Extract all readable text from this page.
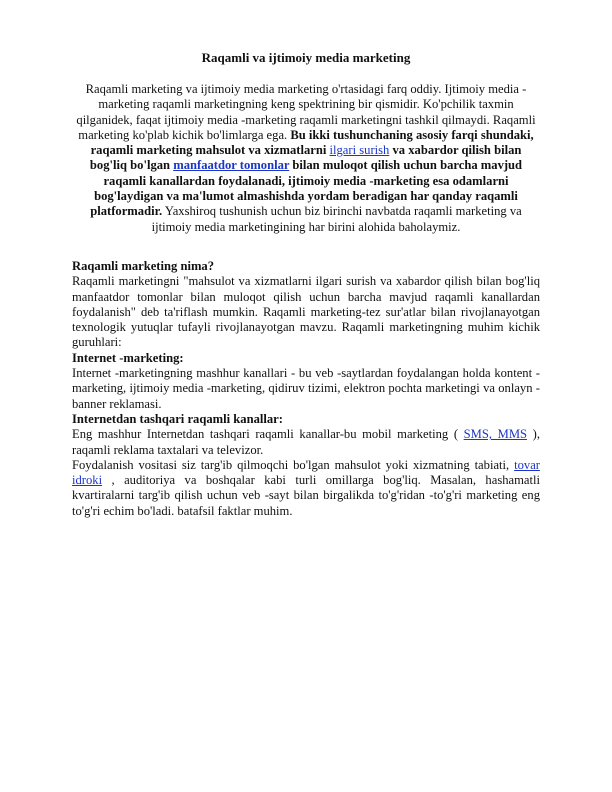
Raqamli va ijtimoiy media marketing
Raqamli marketing va ijtimoiy media marketing o'rtasidagi farq oddiy. Ijtimoiy media -marketing raqamli marketingning keng spektrining bir qismidir. Ko'pchilik taxmin qilganidek, faqat ijtimoiy media -marketing raqamli marketingni tashkil qilmaydi. Raqamli marketing ko'plab kichik bo'limlarga ega. Bu ikki tushunchaning asosiy farqi shundaki, raqamli marketing mahsulot va xizmatlarni ilgari surish va xabardor qilish bilan bog'liq bo'lgan manfaatdor tomonlar bilan muloqot qilish uchun barcha mavjud raqamli kanallardan foydalanadi, ijtimoiy media -marketing esa odamlarni bog'laydigan va ma'lumot almashishda yordam beradigan har qanday raqamli platformadir. Yaxshiroq tushunish uchun biz birinchi navbatda raqamli marketing va ijtimoiy media marketingining har birini alohida baholaymiz.
Raqamli marketing nima?

Raqamli marketingni "mahsulot va xizmatlarni ilgari surish va xabardor qilish bilan bog'liq manfaatdor tomonlar bilan muloqot qilish uchun barcha mavjud raqamli kanallardan foydalanish" deb ta'riflash mumkin. Raqamli marketing-tez sur'atlar bilan rivojlanayotgan texnologik yutuqlar tufayli rivojlanayotgan mavzu. Raqamli marketingning muhim kichik guruhlari:

Internet -marketing:

Internet -marketingning mashhur kanallari - bu veb -saytlardan foydalangan holda kontent -marketing, ijtimoiy media -marketing, qidiruv tizimi, elektron pochta marketingi va onlayn -banner reklamasi.

Internetdan tashqari raqamli kanallar:

Eng mashhur Internetdan tashqari raqamli kanallar-bu mobil marketing ( SMS, MMS ), raqamli reklama taxtalari va televizor.

Foydalanish vositasi siz targ'ib qilmoqchi bo'lgan mahsulot yoki xizmatning tabiati, tovar idroki , auditoriya va boshqalar kabi turli omillarga bog'liq. Masalan, hashamatli kvartiralarni targ'ib qilish uchun veb -sayt bilan birgalikda to'g'ridan -to'g'ri marketing eng to'g'ri echim bo'ladi. batafsil faktlar muhim.
